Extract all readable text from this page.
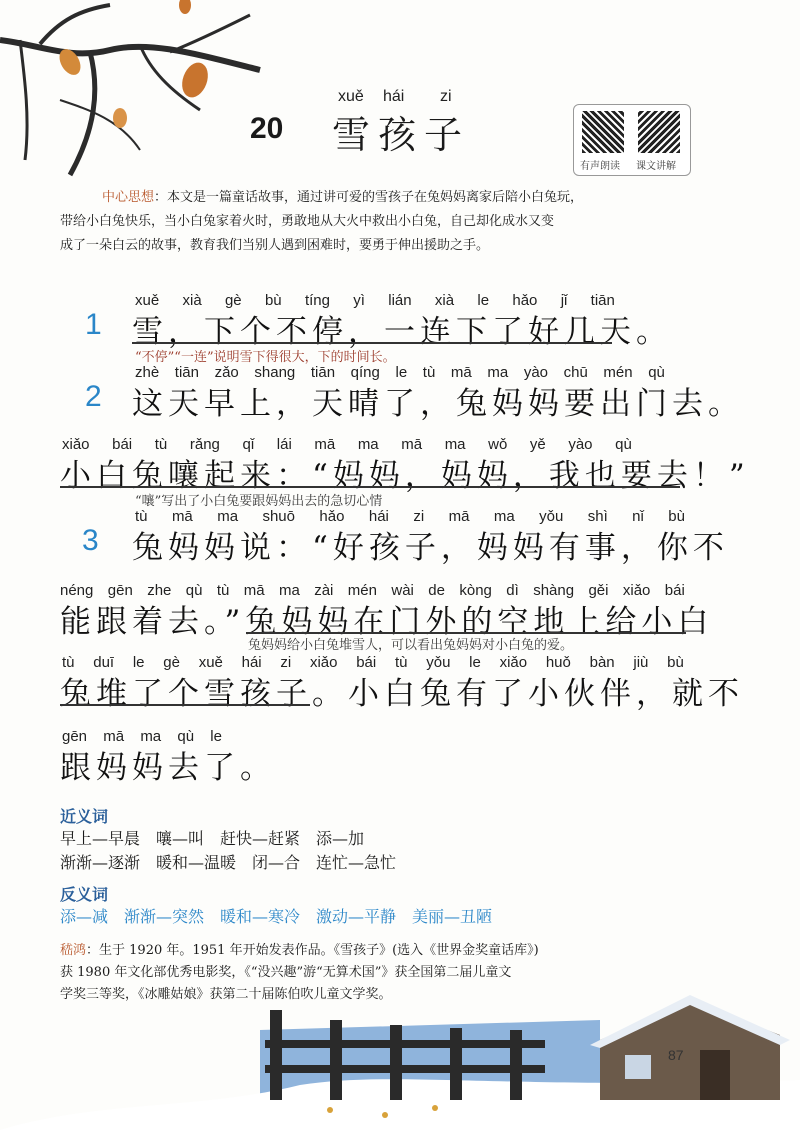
xuě hái zi
20 雪孩子
有声朗读 课文讲解
中心思想：本文是一篇童话故事，通过讲可爱的雪孩子在兔妈妈离家后陪小白兔玩，
带给小白兔快乐，当小白兔家着火时，勇敢地从大火中救出小白兔，自己却化成水又变
成了一朵白云的故事，教育我们当别人遇到困难时，要勇于伸出援助之手。
1
2
3
xuě xià gè bù tíng yì lián xià le hǎo jǐ tiān
雪，下个不停，一连下了好几天。
“不停”“一连”说明雪下得很大，下的时间长。
zhè tiān zǎo shang tiān qíng le tù mā ma yào chū mén qù
这天早上，天晴了，兔妈妈要出门去。
xiǎo bái tù rǎng qǐ lái mā ma mā ma wǒ yě yào qù
小白兔嚷起来：“妈妈，妈妈，我也要去！”
“嚷”写出了小白兔要跟妈妈出去的急切心情
tù mā ma shuō hǎo hái zi mā ma yǒu shì nǐ bù
兔妈妈说：“好孩子，妈妈有事，你不
néng gēn zhe qù tù mā ma zài mén wài de kòng dì shàng gěi xiǎo bái
能跟着去。”兔妈妈在门外的空地上给小白
兔妈妈给小白兔堆雪人，可以看出兔妈妈对小白兔的爱。
tù duī le gè xuě hái zi xiǎo bái tù yǒu le xiǎo huǒ bàn jiù bù
兔堆了个雪孩子。小白兔有了小伙伴，就不
gēn mā ma qù le
跟妈妈去了。
近义词
早上—早晨　嚷—叫　赶快—赶紧　添—加
渐渐—逐渐　暖和—温暖　闭—合　连忙—急忙
反义词
添—减　渐渐—突然　暖和—寒冷　激动—平静　美丽—丑陋
嵇鸿：生于 1920 年。1951 年开始发表作品。《雪孩子》(选入《世界金奖童话库》)
获 1980 年文化部优秀电影奖，《“没兴趣”游“无算术国”》获全国第二届儿童文
学奖三等奖，《冰雕姑娘》获第二十届陈伯吹儿童文学奖。
87
